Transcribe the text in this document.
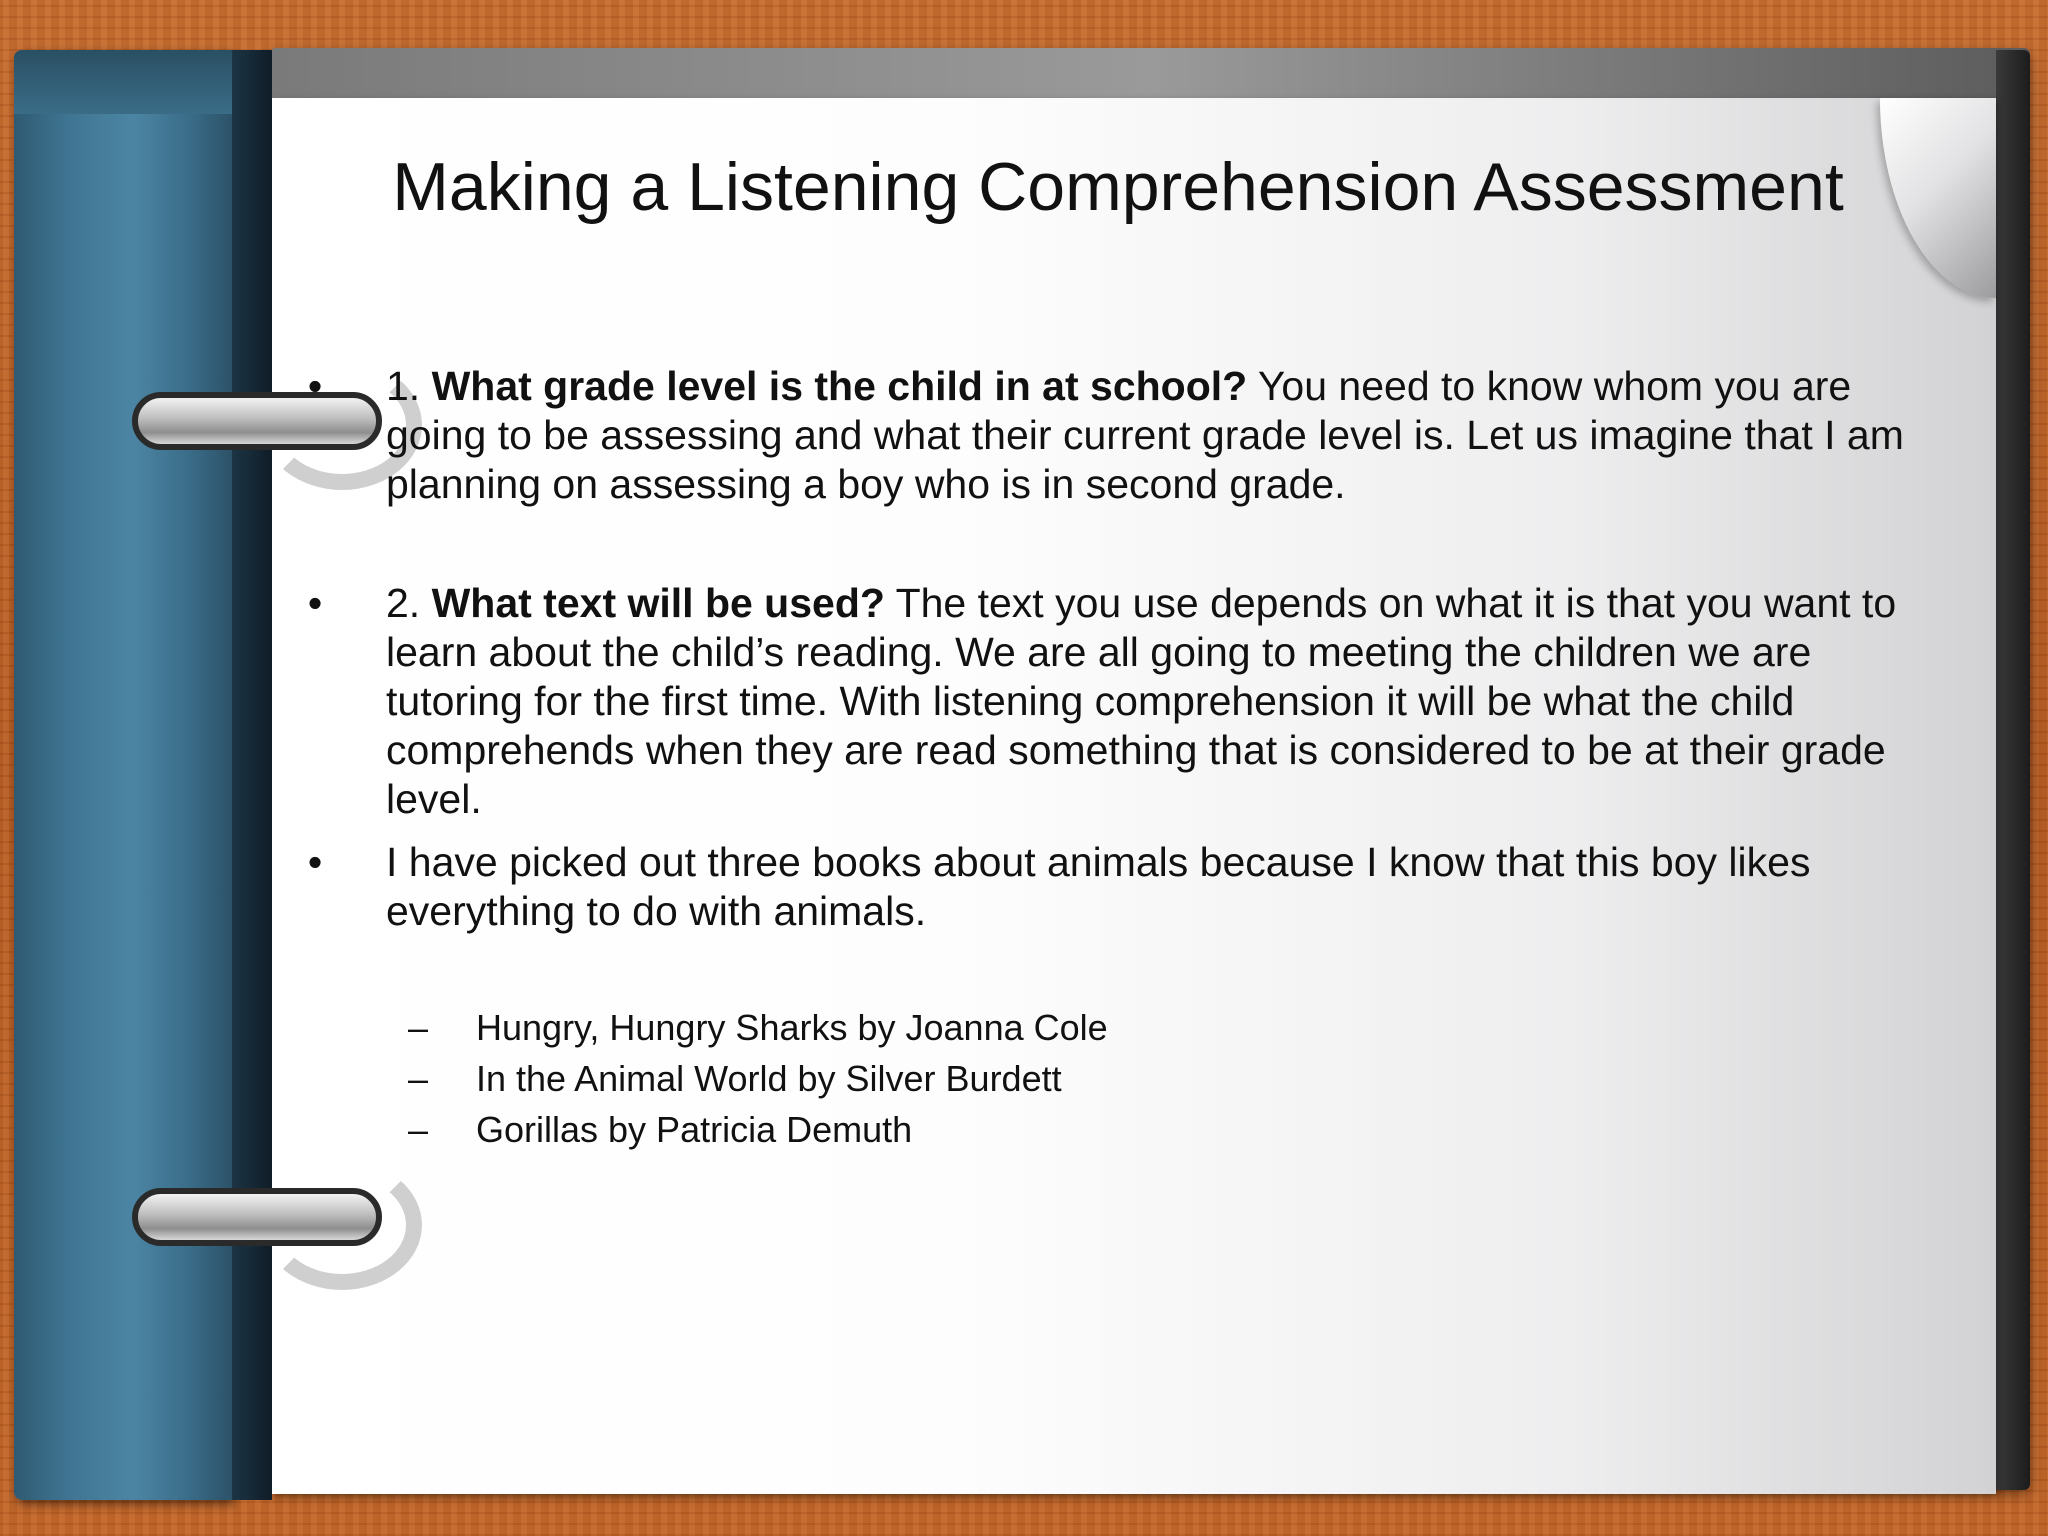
Making a Listening Comprehension Assessment
• 1. What grade level is the child in at school? You need to know whom you are going to be assessing and what their current grade level is. Let us imagine that I am planning on assessing a boy who is in second grade.
• 2. What text will be used? The text you use depends on what it is that you want to learn about the child’s reading. We are all going to meeting the children we are tutoring for the first time. With listening comprehension it will be what the child comprehends when they are read something that is considered to be at their grade level.
• I have picked out three books about animals because I know that this boy likes everything to do with animals.
– Hungry, Hungry Sharks by Joanna Cole
– In the Animal World by Silver Burdett
– Gorillas by Patricia Demuth
